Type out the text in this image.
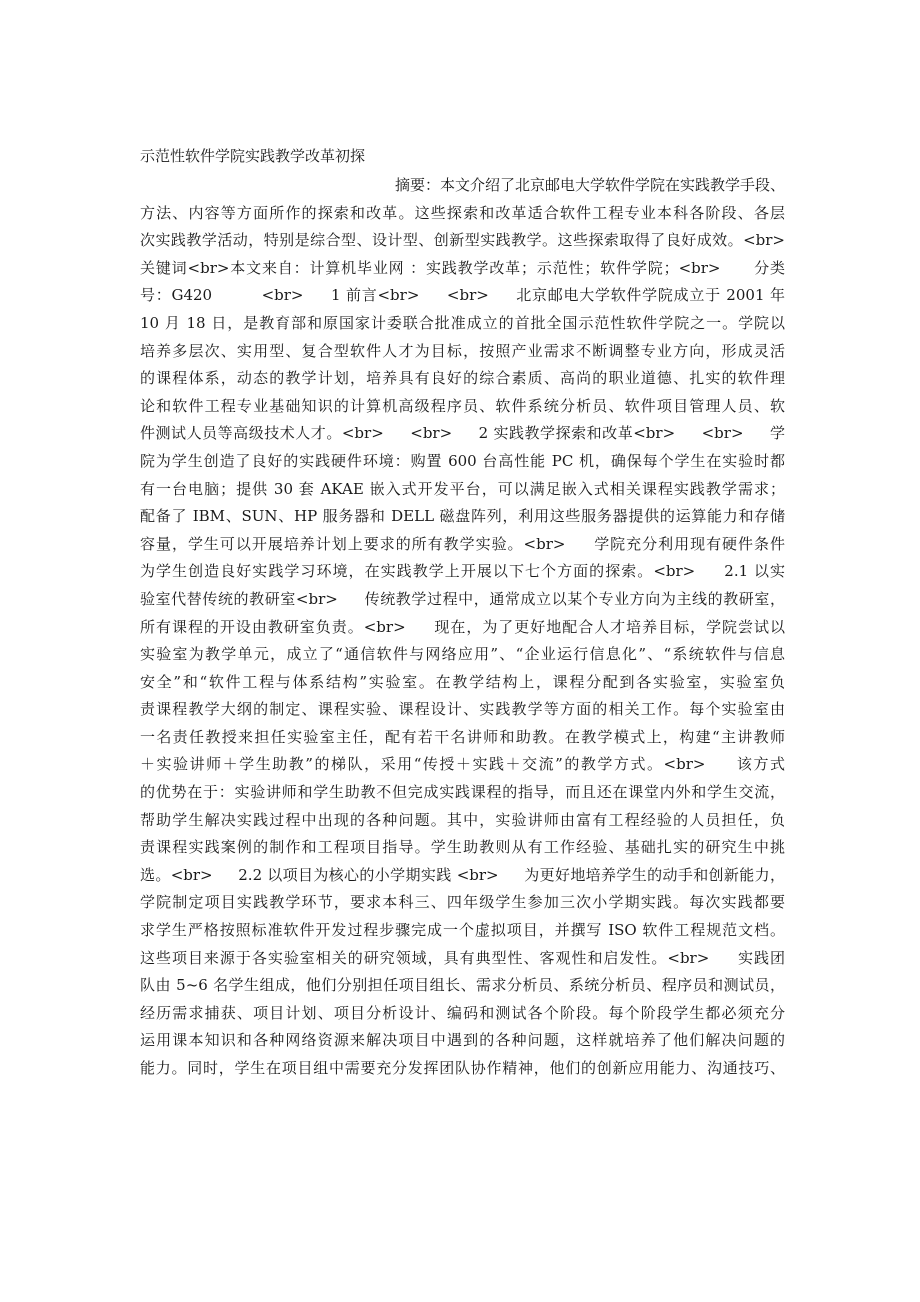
示范性软件学院实践教学改革初探
摘要：本文介绍了北京邮电大学软件学院在实践教学手段、
方法、内容等方面所作的探索和改革。这些探索和改革适合软件工程专业本科各阶段、各层
次实践教学活动，特别是综合型、设计型、创新型实践教学。这些探索取得了良好成效。<br>
关键词<br>本文来自：计算机毕业网 ：实践教学改革；示范性；软件学院；<br>      分类
号：G420         <br>     1 前言<br>     <br>     北京邮电大学软件学院成立于 2001 年
10 月 18 日，是教育部和原国家计委联合批准成立的首批全国示范性软件学院之一。学院以
培养多层次、实用型、复合型软件人才为目标，按照产业需求不断调整专业方向，形成灵活
的课程体系，动态的教学计划，培养具有良好的综合素质、高尚的职业道德、扎实的软件理
论和软件工程专业基础知识的计算机高级程序员、软件系统分析员、软件项目管理人员、软
件测试人员等高级技术人才。<br>     <br>     2 实践教学探索和改革<br>     <br>     学
院为学生创造了良好的实践硬件环境：购置 600 台高性能 PC 机，确保每个学生在实验时都
有一台电脑；提供 30 套 AKAE 嵌入式开发平台，可以满足嵌入式相关课程实践教学需求；
配备了 IBM、SUN、HP 服务器和 DELL 磁盘阵列，利用这些服务器提供的运算能力和存储
容量，学生可以开展培养计划上要求的所有教学实验。<br>     学院充分利用现有硬件条件
为学生创造良好实践学习环境，在实践教学上开展以下七个方面的探索。<br>     2.1 以实
验室代替传统的教研室<br>     传统教学过程中，通常成立以某个专业方向为主线的教研室，
所有课程的开设由教研室负责。<br>     现在，为了更好地配合人才培养目标，学院尝试以
实验室为教学单元，成立了“通信软件与网络应用”、“企业运行信息化”、“系统软件与信息
安全”和“软件工程与体系结构”实验室。在教学结构上，课程分配到各实验室，实验室负
责课程教学大纲的制定、课程实验、课程设计、实践教学等方面的相关工作。每个实验室由
一名责任教授来担任实验室主任，配有若干名讲师和助教。在教学模式上，构建“主讲教师
＋实验讲师＋学生助教”的梯队，采用“传授＋实践＋交流”的教学方式。<br>     该方式
的优势在于：实验讲师和学生助教不但完成实践课程的指导，而且还在课堂内外和学生交流，
帮助学生解决实践过程中出现的各种问题。其中，实验讲师由富有工程经验的人员担任，负
责课程实践案例的制作和工程项目指导。学生助教则从有工作经验、基础扎实的研究生中挑
选。<br>     2.2 以项目为核心的小学期实践 <br>     为更好地培养学生的动手和创新能力，
学院制定项目实践教学环节，要求本科三、四年级学生参加三次小学期实践。每次实践都要
求学生严格按照标准软件开发过程步骤完成一个虚拟项目，并撰写 ISO 软件工程规范文档。
这些项目来源于各实验室相关的研究领域，具有典型性、客观性和启发性。<br>     实践团
队由 5~6 名学生组成，他们分别担任项目组长、需求分析员、系统分析员、程序员和测试员，
经历需求捕获、项目计划、项目分析设计、编码和测试各个阶段。每个阶段学生都必须充分
运用课本知识和各种网络资源来解决项目中遇到的各种问题，这样就培养了他们解决问题的
能力。同时，学生在项目组中需要充分发挥团队协作精神，他们的创新应用能力、沟通技巧、
